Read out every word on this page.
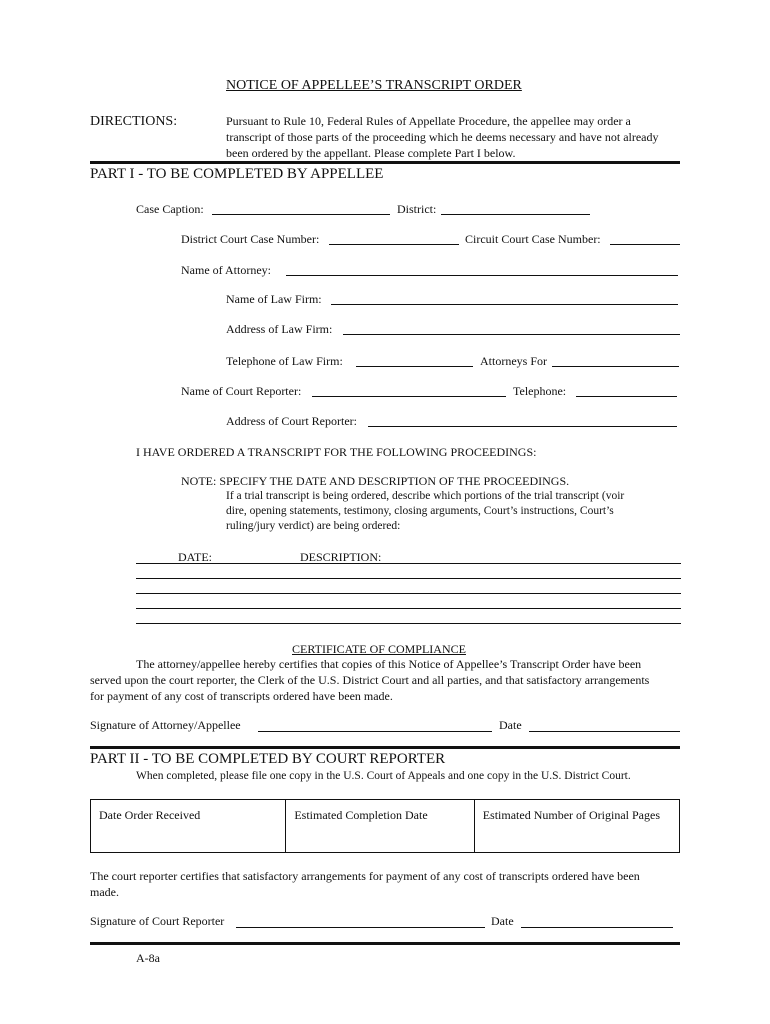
NOTICE OF APPELLEE’S TRANSCRIPT ORDER
DIRECTIONS:	Pursuant to Rule 10, Federal Rules of Appellate Procedure, the appellee may order a
transcript of those parts of the proceeding which he deems necessary and have not already
been ordered by the appellant. Please complete Part I below.
PART I - TO BE COMPLETED BY APPELLEE
Case Caption:	District:
District Court Case Number:	Circuit Court Case Number:
Name of Attorney:
Name of Law Firm:
Address of Law Firm:
Telephone of Law Firm:	Attorneys For
Name of Court Reporter:	Telephone:
Address of Court Reporter:
I HAVE ORDERED A TRANSCRIPT FOR THE FOLLOWING PROCEEDINGS:
NOTE: SPECIFY THE DATE AND DESCRIPTION OF THE PROCEEDINGS.
If a trial transcript is being ordered, describe which portions of the trial transcript (voir
dire, opening statements, testimony, closing arguments, Court’s instructions, Court’s
ruling/jury verdict) are being ordered:
DATE:	DESCRIPTION:
CERTIFICATE OF COMPLIANCE
The attorney/appellee hereby certifies that copies of this Notice of Appellee’s Transcript Order have been
served upon the court reporter, the Clerk of the U.S. District Court and all parties, and that satisfactory arrangements
for payment of any cost of transcripts ordered have been made.
Signature of Attorney/Appellee	Date
PART II - TO BE COMPLETED BY COURT REPORTER
When completed, please file one copy in the U.S. Court of Appeals and one copy in the U.S. District Court.
Date Order Received	Estimated Completion Date	Estimated Number of Original Pages
The court reporter certifies that satisfactory arrangements for payment of any cost of transcripts ordered have been
made.
Signature of Court Reporter	Date
A-8a
